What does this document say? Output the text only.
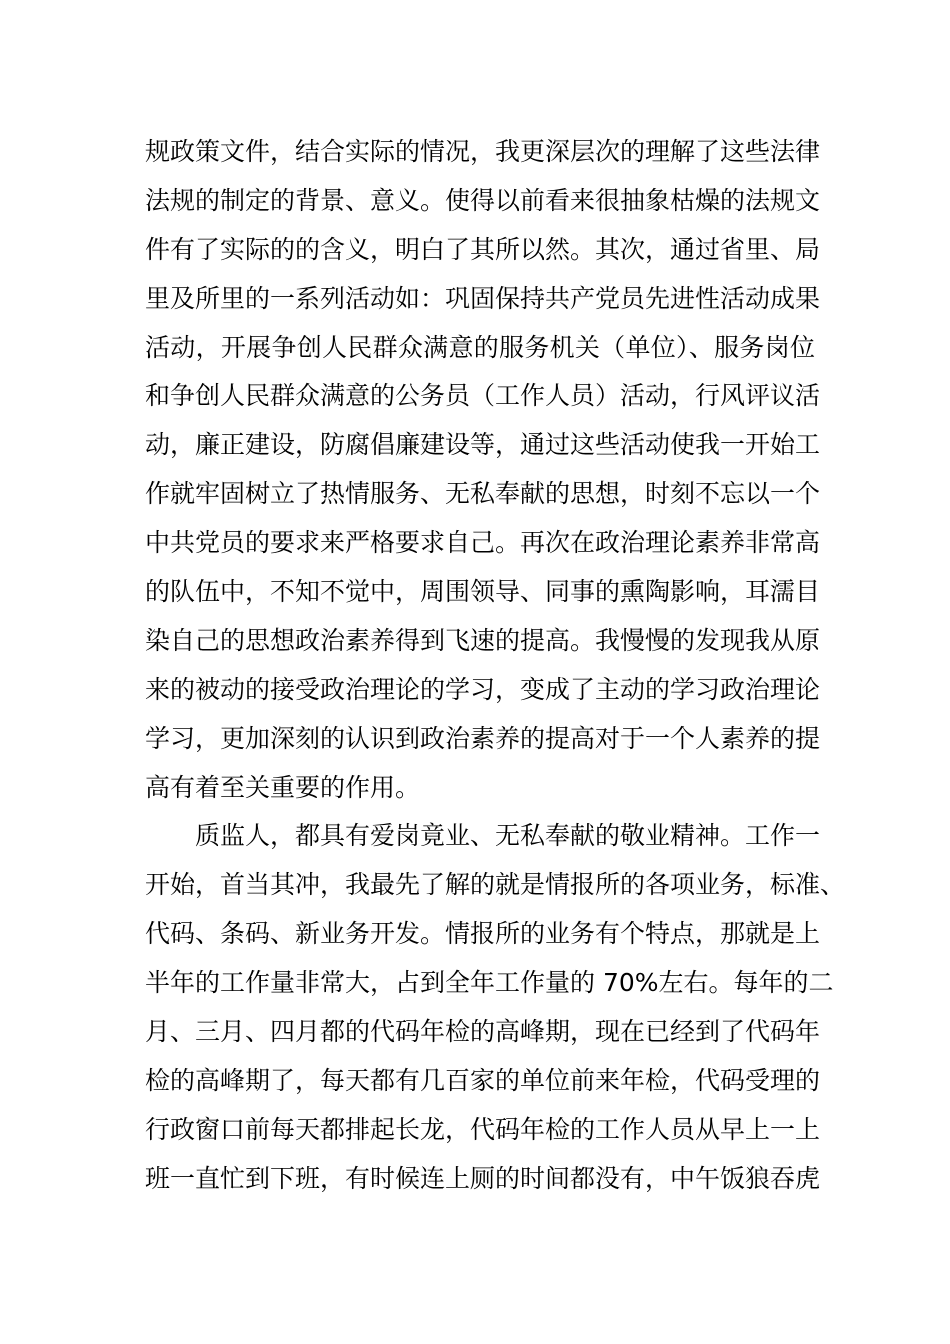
规政策文件，结合实际的情况，我更深层次的理解了这些法律
法规的制定的背景、意义。使得以前看来很抽象枯燥的法规文
件有了实际的的含义，明白了其所以然。其次，通过省里、局
里及所里的一系列活动如：巩固保持共产党员先进性活动成果
活动，开展争创人民群众满意的服务机关（单位）、服务岗位
和争创人民群众满意的公务员（工作人员）活动，行风评议活
动，廉正建设，防腐倡廉建设等，通过这些活动使我一开始工
作就牢固树立了热情服务、无私奉献的思想，时刻不忘以一个
中共党员的要求来严格要求自己。再次在政治理论素养非常高
的队伍中，不知不觉中，周围领导、同事的熏陶影响，耳濡目
染自己的思想政治素养得到飞速的提高。我慢慢的发现我从原
来的被动的接受政治理论的学习，变成了主动的学习政治理论
学习，更加深刻的认识到政治素养的提高对于一个人素养的提
高有着至关重要的作用。
质监人，都具有爱岗竟业、无私奉献的敬业精神。工作一
开始，首当其冲，我最先了解的就是情报所的各项业务，标准、
代码、条码、新业务开发。情报所的业务有个特点，那就是上
半年的工作量非常大，占到全年工作量的 70%左右。每年的二
月、三月、四月都的代码年检的高峰期，现在已经到了代码年
检的高峰期了，每天都有几百家的单位前来年检，代码受理的
行政窗口前每天都排起长龙，代码年检的工作人员从早上一上
班一直忙到下班，有时候连上厕的时间都没有，中午饭狼吞虎
